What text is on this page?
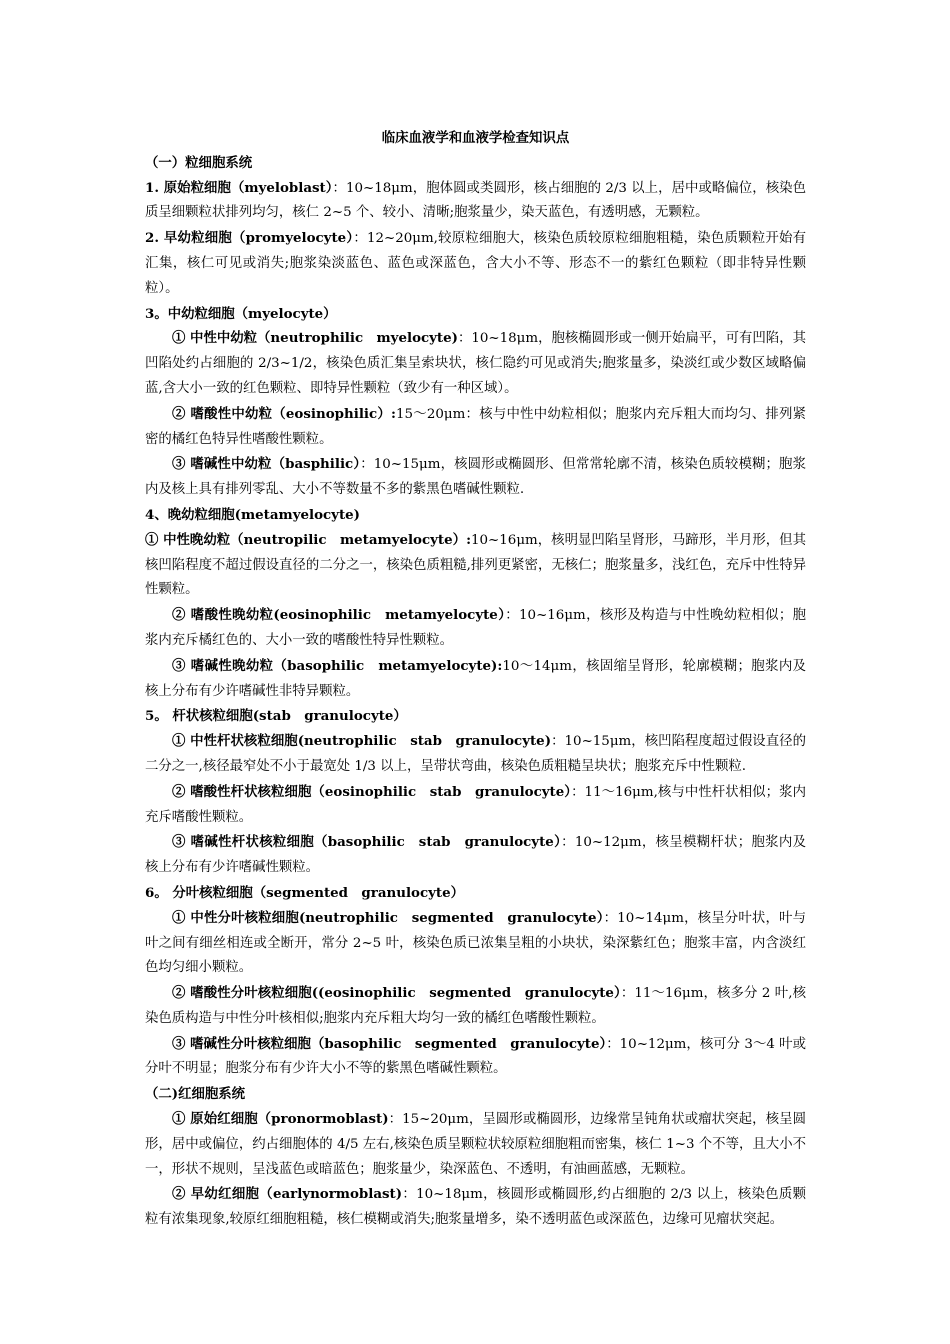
临床血液学和血液学检查知识点

（一）粒细胞系统

1. 原始粒细胞（myeloblast）：10~18μm，胞体圆或类圆形，核占细胞的 2/3 以上，居中或略偏位，核染色质呈细颗粒状排列均匀，核仁 2~5 个、较小、清晰;胞浆量少，染天蓝色，有透明感，无颗粒。

2. 早幼粒细胞（promyelocyte）：12~20μm,较原粒细胞大，核染色质较原粒细胞粗糙，染色质颗粒开始有汇集，核仁可见或消失;胞浆染淡蓝色、蓝色或深蓝色，含大小不等、形态不一的紫红色颗粒（即非特异性颗粒）。

3。中幼粒细胞（myelocyte）

① 中性中幼粒（neutrophilic　myelocyte)：10~18μm，胞核椭圆形或一侧开始扁平，可有凹陷，其凹陷处约占细胞的 2/3~1/2，核染色质汇集呈索块状，核仁隐约可见或消失;胞浆量多，染淡红或少数区域略偏蓝,含大小一致的红色颗粒、即特异性颗粒（致少有一种区域）。

② 嗜酸性中幼粒（eosinophilic）:15～20μm：核与中性中幼粒相似；胞浆内充斥粗大而均匀、排列紧密的橘红色特异性嗜酸性颗粒。

③ 嗜碱性中幼粒（basphilic）：10~15μm，核圆形或椭圆形、但常常轮廓不清，核染色质较模糊；胞浆内及核上具有排列零乱、大小不等数量不多的紫黑色嗜碱性颗粒.

4、晚幼粒细胞(metamyelocyte)

① 中性晚幼粒（neutropilic　metamyelocyte）:10~16μm，核明显凹陷呈肾形，马蹄形，半月形，但其核凹陷程度不超过假设直径的二分之一，核染色质粗糙,排列更紧密，无核仁；胞浆量多，浅红色，充斥中性特异性颗粒。

② 嗜酸性晚幼粒(eosinophilic　metamyelocyte）：10~16μm，核形及构造与中性晚幼粒相似；胞浆内充斥橘红色的、大小一致的嗜酸性特异性颗粒。

③ 嗜碱性晚幼粒（basophilic　metamyelocyte):10～14μm，核固缩呈肾形，轮廓模糊；胞浆内及核上分布有少许嗜碱性非特异颗粒。

5。 杆状核粒细胞(stab　granulocyte）

① 中性杆状核粒细胞(neutrophilic　stab　granulocyte)：10~15μm，核凹陷程度超过假设直径的二分之一,核径最窄处不小于最宽处 1/3 以上，呈带状弯曲，核染色质粗糙呈块状；胞浆充斥中性颗粒.

② 嗜酸性杆状核粒细胞（eosinophilic　stab　granulocyte）：11～16μm,核与中性杆状相似；浆内充斥嗜酸性颗粒。

③ 嗜碱性杆状核粒细胞（basophilic　stab　granulocyte）：10~12μm，核呈模糊杆状；胞浆内及核上分布有少许嗜碱性颗粒。

6。 分叶核粒细胞（segmented　granulocyte）

① 中性分叶核粒细胞(neutrophilic　segmented　granulocyte）：10~14μm，核呈分叶状，叶与叶之间有细丝相连或全断开，常分 2~5 叶，核染色质已浓集呈粗的小块状，染深紫红色；胞浆丰富，内含淡红色均匀细小颗粒。

② 嗜酸性分叶核粒细胞((eosinophilic　segmented　granulocyte）：11～16μm，核多分 2 叶,核染色质构造与中性分叶核相似;胞浆内充斥粗大均匀一致的橘红色嗜酸性颗粒。

③ 嗜碱性分叶核粒细胞（basophilic　segmented　granulocyte）：10~12μm，核可分 3～4 叶或分叶不明显；胞浆分布有少许大小不等的紫黑色嗜碱性颗粒。

（二)红细胞系统

① 原始红细胞（pronormoblast)：15~20μm，呈圆形或椭圆形，边缘常呈钝角状或瘤状突起，核呈圆形，居中或偏位，约占细胞体的 4/5 左右,核染色质呈颗粒状较原粒细胞粗而密集，核仁 1~3 个不等，且大小不一，形状不规则，呈浅蓝色或暗蓝色；胞浆量少，染深蓝色、不透明，有油画蓝感，无颗粒。

② 早幼红细胞（earlynormoblast)：10~18μm，核圆形或椭圆形,约占细胞的 2/3 以上，核染色质颗粒有浓集现象,较原红细胞粗糙，核仁模糊或消失;胞浆量增多，染不透明蓝色或深蓝色，边缘可见瘤状突起。
